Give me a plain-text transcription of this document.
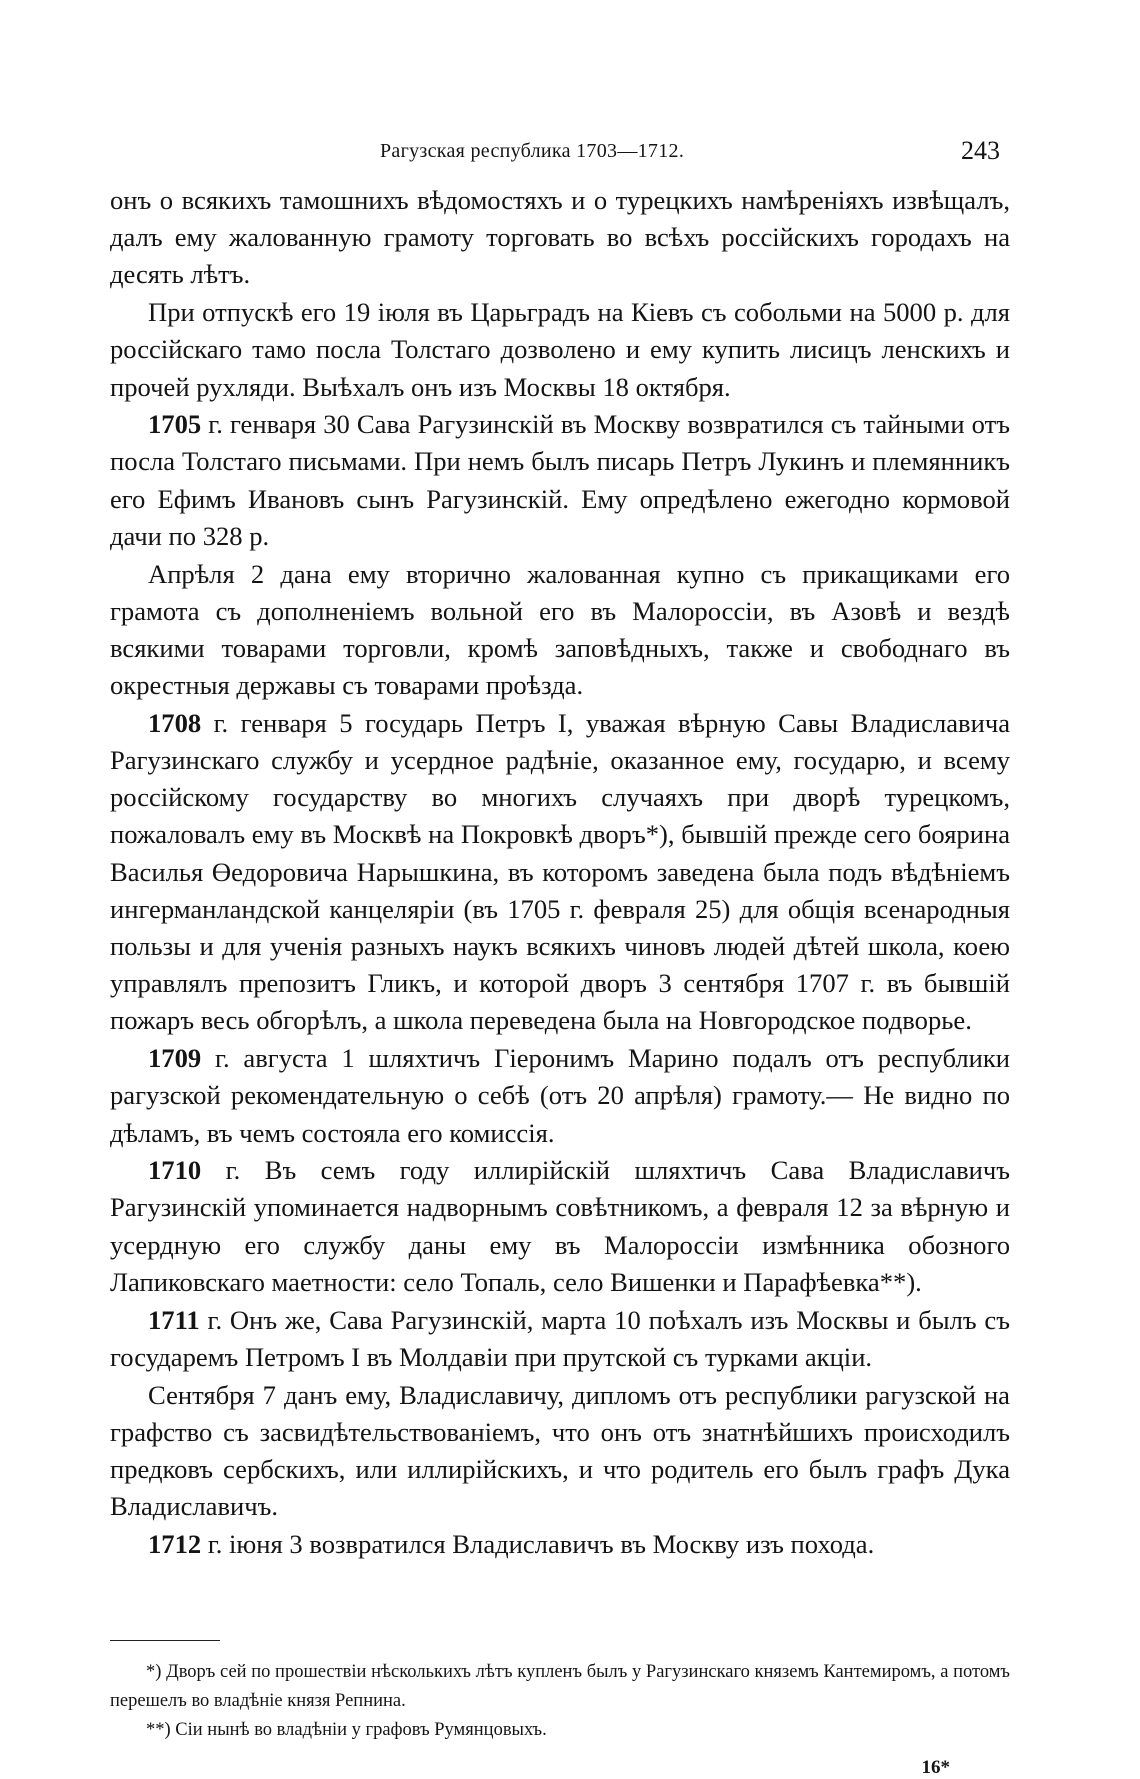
Рагузская республика 1703—1712.	243

онъ о всякихъ тамошнихъ вѣдомостяхъ и о турецкихъ намѣреніяхъ извѣщалъ, далъ ему жалованную грамоту торговать во всѣхъ россійскихъ городахъ на десять лѣтъ.

При отпускѣ его 19 іюля въ Царьградъ на Кіевъ съ собольми на 5000 р. для россійскаго тамо посла Толстаго дозволено и ему купить лисицъ ленскихъ и прочей рухляди. Выѣхалъ онъ изъ Москвы 18 октября.

1705 г. генваря 30 Сава Рагузинскій въ Москву возвратился съ тайными отъ посла Толстаго письмами. При немъ былъ писарь Петръ Лукинъ и племянникъ его Ефимъ Ивановъ сынъ Рагузинскій. Ему опредѣлено ежегодно кормовой дачи по 328 р.

Апрѣля 2 дана ему вторично жалованная купно съ прикащиками его грамота съ дополненіемъ вольной его въ Малороссіи, въ Азовѣ и вездѣ всякими товарами торговли, кромѣ заповѣдныхъ, также и свободнаго въ окрестныя державы съ товарами проѣзда.

1708 г. генваря 5 государь Петръ I, уважая вѣрную Савы Владиславича Рагузинскаго службу и усердное радѣніе, оказанное ему, государю, и всему россійскому государству во многихъ случаяхъ при дворѣ турецкомъ, пожаловалъ ему въ Москвѣ на Покровкѣ дворъ*), бывшій прежде сего боярина Василья Өедоровича Нарышкина, въ которомъ заведена была подъ вѣдѣніемъ ингерманландской канцеляріи (въ 1705 г. февраля 25) для общія всенародныя пользы и для ученія разныхъ наукъ всякихъ чиновъ людей дѣтей школа, коею управлялъ препозитъ Гликъ, и которой дворъ 3 сентября 1707 г. въ бывшій пожаръ весь обгорѣлъ, а школа переведена была на Новгородское подворье.

1709 г. августа 1 шляхтичъ Гіеронимъ Марино подалъ отъ республики рагузской рекомендательную о себѣ (отъ 20 апрѣля) грамоту.— Не видно по дѣламъ, въ чемъ состояла его комиссія.

1710 г. Въ семъ году иллирійскій шляхтичъ Сава Владиславичъ Рагузинскій упоминается надворнымъ совѣтникомъ, а февраля 12 за вѣрную и усердную его службу даны ему въ Малороссіи измѣнника обозного Лапиковскаго маетности: село Топаль, село Вишенки и Парафѣевка**).

1711 г. Онъ же, Сава Рагузинскій, марта 10 поѣхалъ изъ Москвы и былъ съ государемъ Петромъ I въ Молдавіи при прутской съ турками акціи.

Сентября 7 данъ ему, Владиславичу, дипломъ отъ республики рагузской на графство съ засвидѣтельствованіемъ, что онъ отъ знатнѣйшихъ происходилъ предковъ сербскихъ, или иллирійскихъ, и что родитель его былъ графъ Дука Владиславичъ.

1712 г. іюня 3 возвратился Владиславичъ въ Москву изъ похода.

*) Дворъ сей по прошествіи нѣсколькихъ лѣтъ купленъ былъ у Рагузинскаго княземъ Кантемиромъ, а потомъ перешелъ во владѣніе князя Репнина.

**) Сіи нынѣ во владѣніи у графовъ Румянцовыхъ.

16*
